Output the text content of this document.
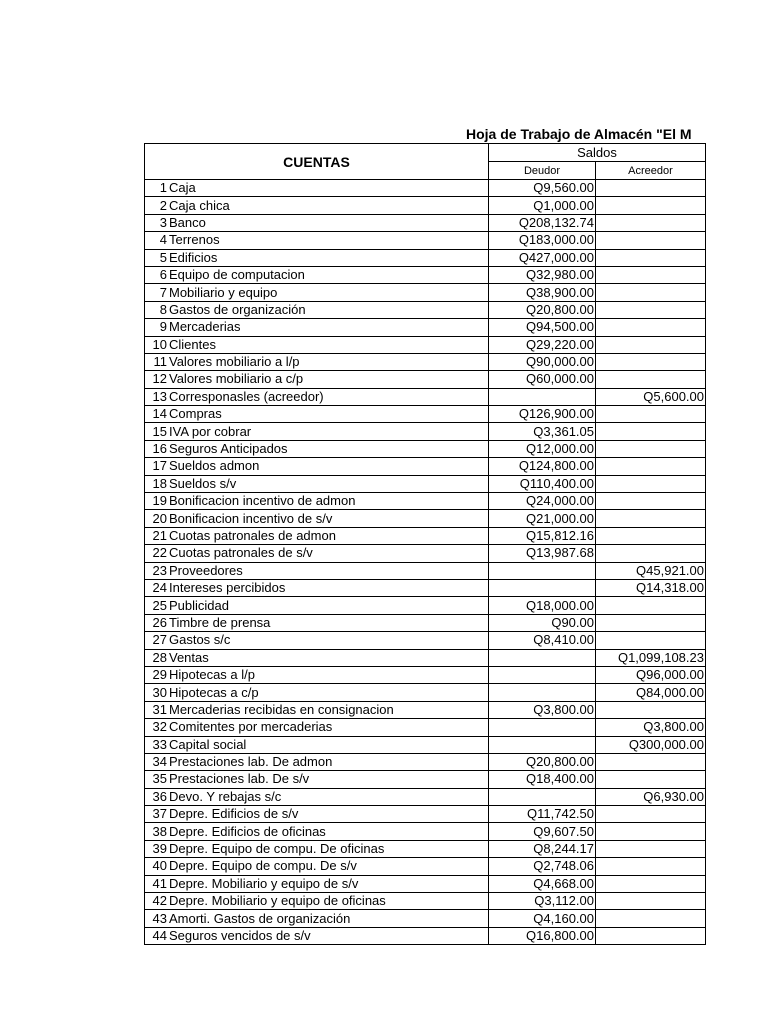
Hoja de Trabajo de Almacén "El M
CUENTAS		Saldos	
		Deudor	Acreedor
1	Caja	Q9,560.00	
2	Caja chica	Q1,000.00	
3	Banco	Q208,132.74	
4	Terrenos	Q183,000.00	
5	Edificios	Q427,000.00	
6	Equipo de computacion	Q32,980.00	
7	Mobiliario y equipo	Q38,900.00	
8	Gastos de organización	Q20,800.00	
9	Mercaderias	Q94,500.00	
10	Clientes	Q29,220.00	
11	Valores mobiliario a l/p	Q90,000.00	
12	Valores mobiliario a c/p	Q60,000.00	
13	Corresponasles (acreedor)		Q5,600.00
14	Compras	Q126,900.00	
15	IVA por cobrar	Q3,361.05	
16	Seguros Anticipados	Q12,000.00	
17	Sueldos admon	Q124,800.00	
18	Sueldos s/v	Q110,400.00	
19	Bonificacion incentivo de admon	Q24,000.00	
20	Bonificacion incentivo de s/v	Q21,000.00	
21	Cuotas patronales de admon	Q15,812.16	
22	Cuotas patronales de s/v	Q13,987.68	
23	Proveedores		Q45,921.00
24	Intereses percibidos		Q14,318.00
25	Publicidad	Q18,000.00	
26	Timbre de prensa	Q90.00	
27	Gastos s/c	Q8,410.00	
28	Ventas		Q1,099,108.23
29	Hipotecas a l/p		Q96,000.00
30	Hipotecas a c/p		Q84,000.00
31	Mercaderias recibidas en consignacion	Q3,800.00	
32	Comitentes por mercaderias		Q3,800.00
33	Capital social		Q300,000.00
34	Prestaciones lab. De admon	Q20,800.00	
35	Prestaciones lab. De s/v	Q18,400.00	
36	Devo. Y rebajas s/c		Q6,930.00
37	Depre. Edificios de s/v	Q11,742.50	
38	Depre. Edificios de oficinas	Q9,607.50	
39	Depre. Equipo de compu. De oficinas	Q8,244.17	
40	Depre. Equipo de compu. De s/v	Q2,748.06	
41	Depre. Mobiliario y equipo de s/v	Q4,668.00	
42	Depre. Mobiliario y equipo de oficinas	Q3,112.00	
43	Amorti. Gastos de organización	Q4,160.00	
44	Seguros vencidos de s/v	Q16,800.00	
